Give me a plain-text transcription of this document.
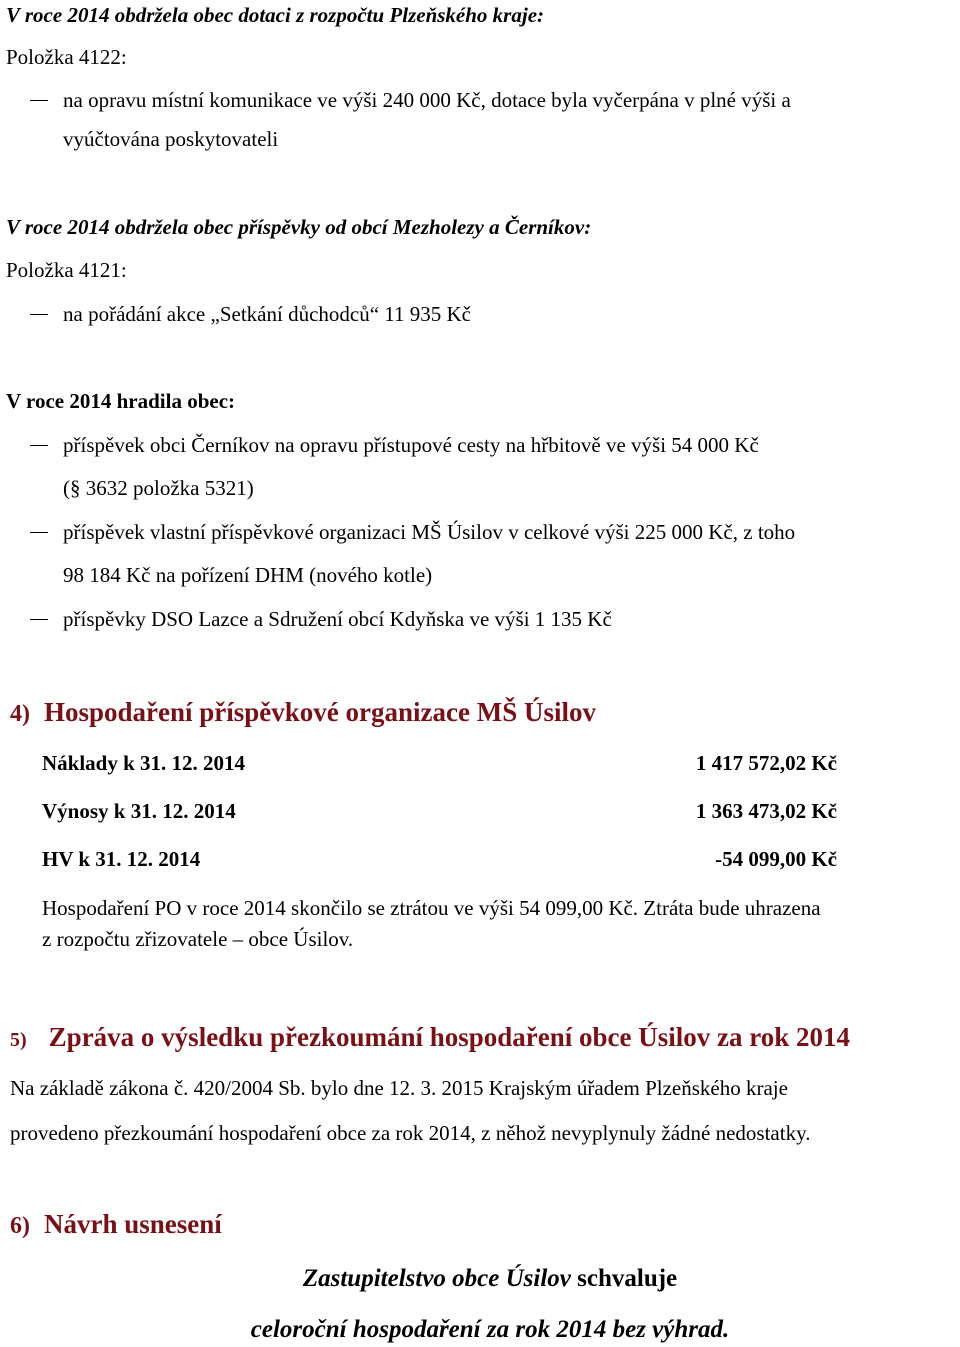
V roce 2014 obdržela obec dotaci z rozpočtu Plzeňského kraje:
Položka 4122:
na opravu místní komunikace ve výši 240 000 Kč, dotace byla vyčerpána v plné výši a
vyúčtována poskytovateli
V roce 2014 obdržela obec příspěvky od obcí Mezholezy a Černíkov:
Položka 4121:
na pořádání akce „Setkání důchodců“ 11 935 Kč
V roce 2014 hradila obec:
příspěvek obci Černíkov na opravu přístupové cesty na hřbitově ve výši 54 000 Kč
(§ 3632 položka 5321)
příspěvek vlastní příspěvkové organizaci MŠ Úsilov v celkové výši 225 000 Kč, z toho
98 184 Kč na pořízení DHM (nového kotle)
příspěvky DSO Lazce a Sdružení obcí Kdyňska ve výši 1 135 Kč
4) Hospodaření příspěvkové organizace MŠ Úsilov
Náklady k 31. 12. 2014	1 417 572,02 Kč
Výnosy k 31. 12. 2014	1 363 473,02 Kč
HV k 31. 12. 2014	-54 099,00 Kč
Hospodaření PO v roce 2014 skončilo se ztrátou ve výši 54 099,00 Kč. Ztráta bude uhrazena
z rozpočtu zřizovatele – obce Úsilov.
5) Zpráva o výsledku přezkoumání hospodaření obce Úsilov za rok 2014
Na základě zákona č. 420/2004 Sb. bylo dne 12. 3. 2015 Krajským úřadem Plzeňského kraje
provedeno přezkoumání hospodaření obce za rok 2014, z něhož nevyplynuly žádné nedostatky.
6) Návrh usnesení
Zastupitelstvo obce Úsilov schvaluje
celoroční hospodaření za rok 2014 bez výhrad.
